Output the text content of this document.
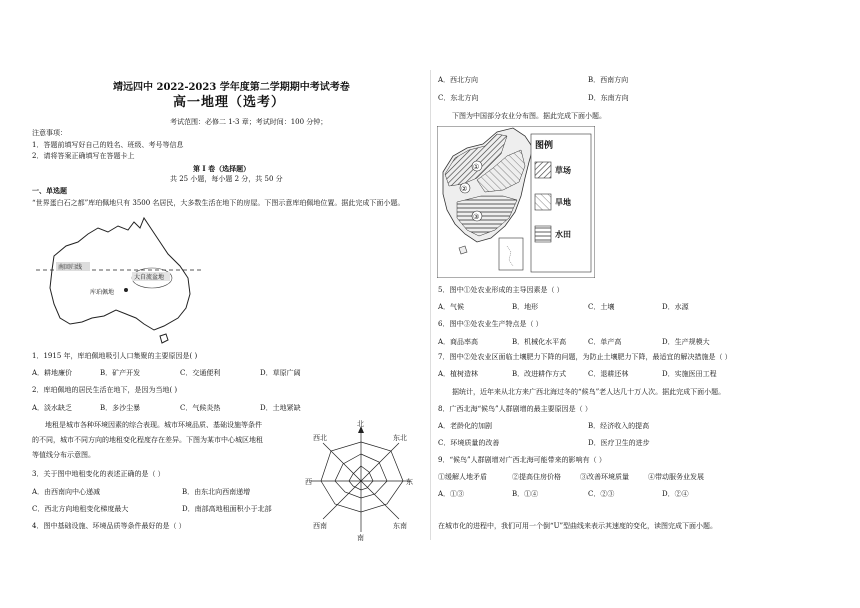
靖远四中 2022-2023 学年度第二学期期中考试考卷
高一地理（选考）
考试范围：必修二 1-3 章；考试时间：100 分钟；
注意事项：
1．答题前填写好自己的姓名、班级、考号等信息
2．请将答案正确填写在答题卡上
第 I 卷（选择题）
共 25 小题，每小题 2 分，共 50 分
一、单选题
“世界蛋白石之都”库珀佩地只有 3500 名居民，大多数生活在地下的房屋。下图示意库珀佩地位置。据此完成下面小题。
南回归线
大自流盆地
库珀佩地
1．1915 年，库珀佩地吸引人口集聚的主要原因是( )
A．耕地廉价	B．矿产开发	C．交通便利	D．草原广阔
2．库珀佩地的居民生活在地下，是因为当地( )
A．淡水缺乏	B．多沙尘暴	C．气候炎热	D．土地紧缺
地租是城市各种环境因素的综合表现。城市环境品质、基础设施等条件
的不同，城市不同方向的地租变化程度存在差异。下图为某市中心城区地租
等值线分布示意图。
3．关于图中地租变化的表述正确的是（ ）
A．由西南向中心递减	B．由东北向西南递增
C．西北方向地租变化梯度最大	D．南部高地租面积小于北部
4．图中基础设施、环境品质等条件最好的是（ ）
北
南
东
西
东北
西北
东南
西南
A．西北方向	B．西南方向
C．东北方向	D．东南方向
下图为中国部分农业分布图。据此完成下面小题。
①
②
③
图例
草场
旱地
水田
5．图中①处农业形成的主导因素是（ ）
A．气候	B．地形	C．土壤	D．水源
6．图中③处农业生产特点是（ ）
A．商品率高	B．机械化水平高	C．单产高	D．生产规模大
7．图中②处农业区面临土壤肥力下降的问题，为防止土壤肥力下降，最适宜的解决措施是（ ）
A．植树造林	B．改进耕作方式	C．退耕还林	D．实施医田工程
据统计，近年来从北方来广西北海过冬的“候鸟”老人达几十万人次。据此完成下面小题。
8．广西北海“候鸟”人群剧增的最主要原因是（ ）
A．老龄化的加剧	B．经济收入的提高
C．环境质量的改善	D．医疗卫生的进步
9．“候鸟”人群剧增对广西北海可能带来的影响有（ ）
①缓解人地矛盾	②提高住房价格	③改善环境质量	④带动服务业发展
A．①③	B．①④	C．②③	D．②④
在城市化的进程中，我们可用一个倒“U”型曲线来表示其速度的变化，读图完成下面小题。
